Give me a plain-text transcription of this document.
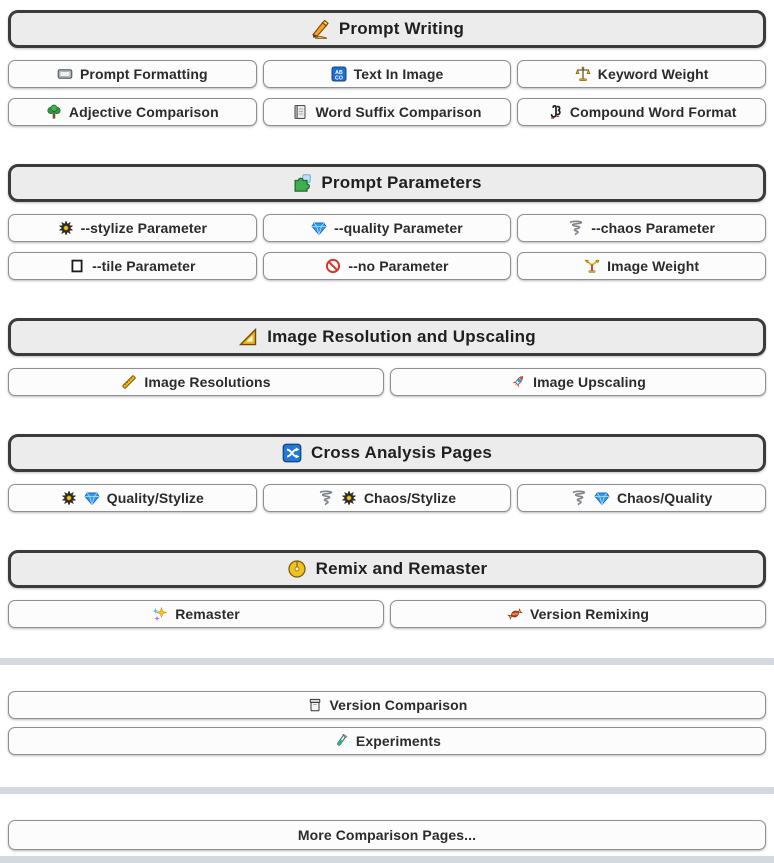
Prompt Writing
Prompt Formatting	Text In Image	Keyword Weight
Adjective Comparison	Word Suffix Comparison	Compound Word Format
Prompt Parameters
--stylize Parameter	--quality Parameter	--chaos Parameter
--tile Parameter	--no Parameter	Image Weight
Image Resolution and Upscaling
Image Resolutions	Image Upscaling
Cross Analysis Pages
Quality/Stylize	Chaos/Stylize	Chaos/Quality
Remix and Remaster
Remaster	Version Remixing
Version Comparison
Experiments
More Comparison Pages...
